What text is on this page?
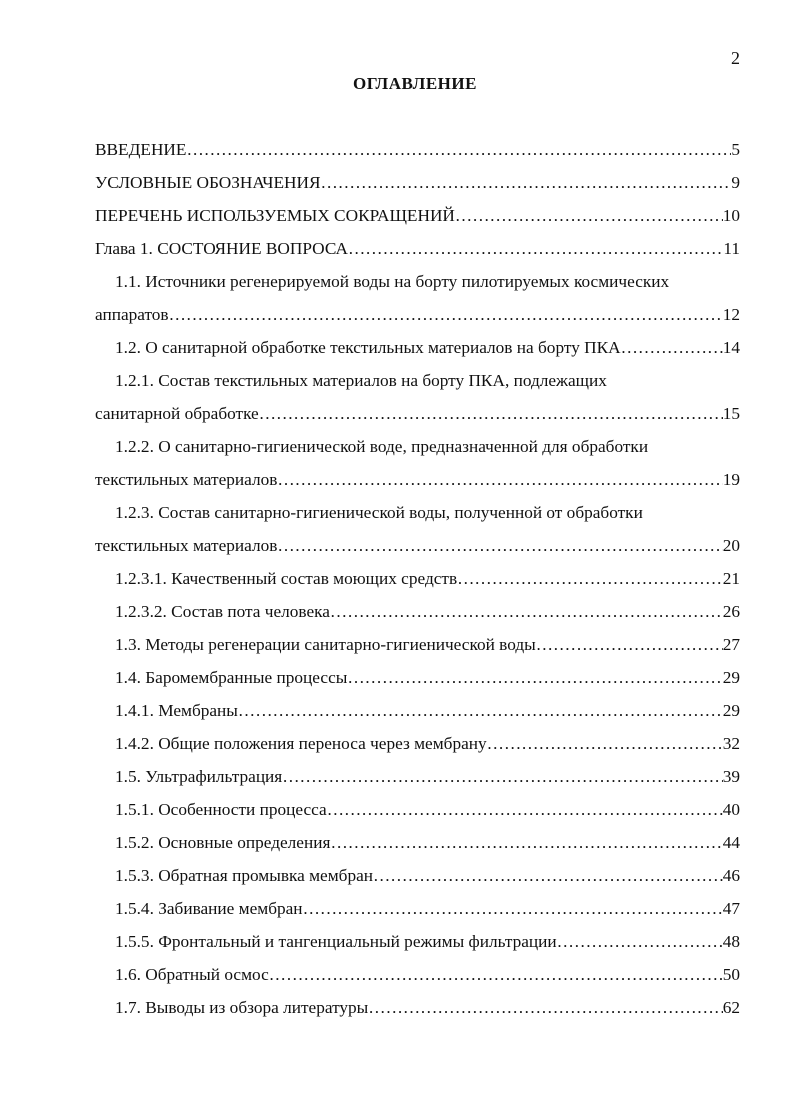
2
ОГЛАВЛЕНИЕ
ВВЕДЕНИЕ ……………………………………………………………………………………………………………………………………………………………………	5
УСЛОВНЫЕ ОБОЗНАЧЕНИЯ ……………………………………………………………………………………………………………………………………………………………………	9
ПЕРЕЧЕНЬ ИСПОЛЬЗУЕМЫХ СОКРАЩЕНИЙ ……………………………………………………………………………………………………………………………………………………………………	10
Глава 1. СОСТОЯНИЕ ВОПРОСА ……………………………………………………………………………………………………………………………………………………………………	11
1.1. Источники регенерируемой воды на борту пилотируемых космических
аппаратов ……………………………………………………………………………………………………………………………………………………………………	12
1.2. О санитарной обработке текстильных материалов на борту ПКА ……………………………………………………………………………………………………………………………………………………………………	14
1.2.1. Состав текстильных материалов на борту ПКА, подлежащих
санитарной обработке ……………………………………………………………………………………………………………………………………………………………………	15
1.2.2. О санитарно-гигиенической воде, предназначенной для обработки
текстильных материалов ……………………………………………………………………………………………………………………………………………………………………	19
1.2.3. Состав санитарно-гигиенической воды, полученной от обработки
текстильных материалов ……………………………………………………………………………………………………………………………………………………………………	20
1.2.3.1. Качественный состав моющих средств ……………………………………………………………………………………………………………………………………………………………………	21
1.2.3.2. Состав пота человека ……………………………………………………………………………………………………………………………………………………………………	26
1.3. Методы регенерации санитарно-гигиенической воды ……………………………………………………………………………………………………………………………………………………………………	27
1.4. Баромембранные процессы ……………………………………………………………………………………………………………………………………………………………………	29
1.4.1. Мембраны ……………………………………………………………………………………………………………………………………………………………………	29
1.4.2. Общие положения переноса через мембрану ……………………………………………………………………………………………………………………………………………………………………	32
1.5. Ультрафильтрация ……………………………………………………………………………………………………………………………………………………………………	39
1.5.1. Особенности процесса ……………………………………………………………………………………………………………………………………………………………………	40
1.5.2. Основные определения ……………………………………………………………………………………………………………………………………………………………………	44
1.5.3. Обратная промывка мембран ……………………………………………………………………………………………………………………………………………………………………	46
1.5.4. Забивание мембран ……………………………………………………………………………………………………………………………………………………………………	47
1.5.5. Фронтальный и тангенциальный режимы фильтрации ……………………………………………………………………………………………………………………………………………………………………	48
1.6. Обратный осмос ……………………………………………………………………………………………………………………………………………………………………	50
1.7. Выводы из обзора литературы ……………………………………………………………………………………………………………………………………………………………………	62
